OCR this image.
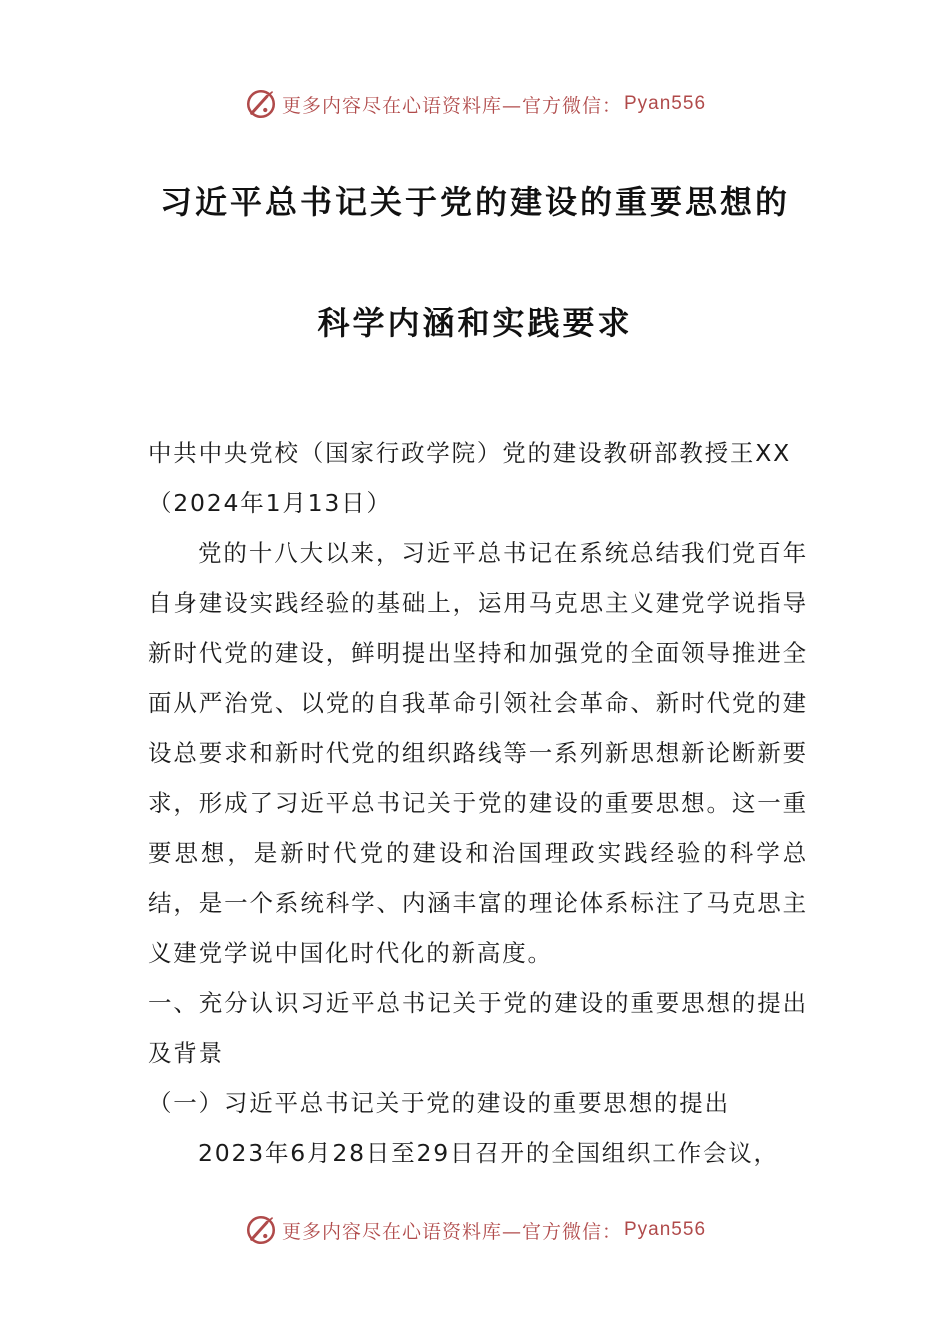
更多内容尽在心语资料库—官方微信： Pyan556
习近平总书记关于党的建设的重要思想的
科学内涵和实践要求

中共中央党校（国家行政学院）党的建设教研部教授王XX

（2024年1月13日）

党的十八大以来，习近平总书记在系统总结我们党百年自身建设实践经验的基础上，运用马克思主义建党学说指导新时代党的建设，鲜明提出坚持和加强党的全面领导推进全面从严治党、以党的自我革命引领社会革命、新时代党的建设总要求和新时代党的组织路线等一系列新思想新论断新要求，形成了习近平总书记关于党的建设的重要思想。这一重要思想，是新时代党的建设和治国理政实践经验的科学总结，是一个系统科学、内涵丰富的理论体系标注了马克思主义建党学说中国化时代化的新高度。

一、充分认识习近平总书记关于党的建设的重要思想的提出及背景

（一）习近平总书记关于党的建设的重要思想的提出

2023年6月28日至29日召开的全国组织工作会议，

更多内容尽在心语资料库—官方微信： Pyan556
